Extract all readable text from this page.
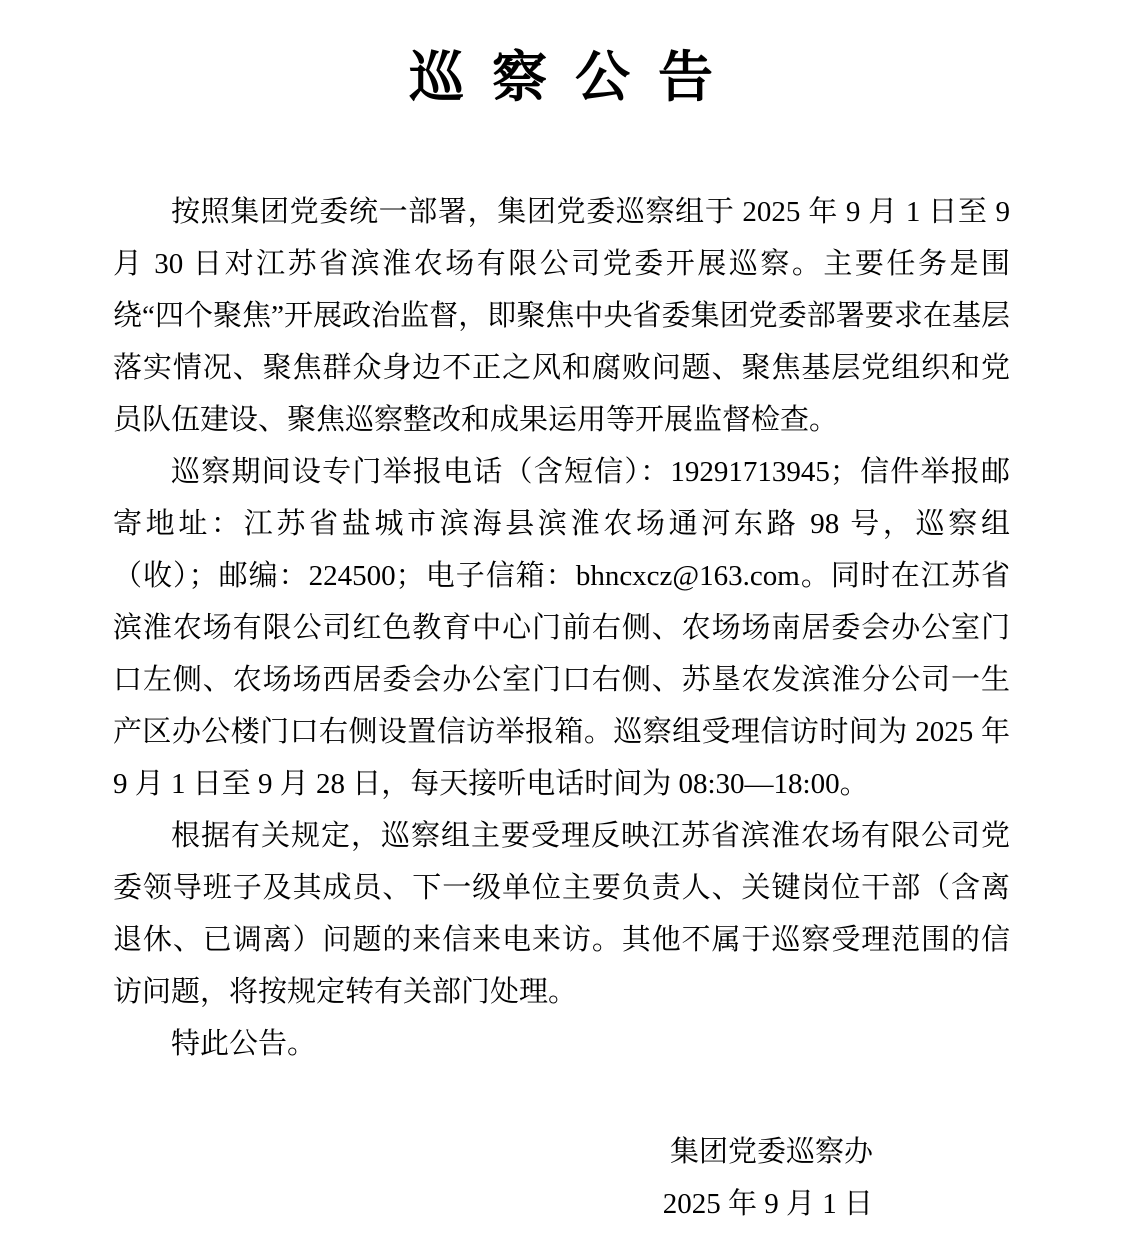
巡察公告

按照集团党委统一部署，集团党委巡察组于 2025 年 9 月 1 日至 9 月 30 日对江苏省滨淮农场有限公司党委开展巡察。主要任务是围绕“四个聚焦”开展政治监督，即聚焦中央省委集团党委部署要求在基层落实情况、聚焦群众身边不正之风和腐败问题、聚焦基层党组织和党员队伍建设、聚焦巡察整改和成果运用等开展监督检查。

巡察期间设专门举报电话（含短信）：19291713945；信件举报邮寄地址：江苏省盐城市滨海县滨淮农场通河东路 98 号，巡察组（收）；邮编：224500；电子信箱：bhncxcz@163.com。同时在江苏省滨淮农场有限公司红色教育中心门前右侧、农场场南居委会办公室门口左侧、农场场西居委会办公室门口右侧、苏垦农发滨淮分公司一生产区办公楼门口右侧设置信访举报箱。巡察组受理信访时间为 2025 年 9 月 1 日至 9 月 28 日，每天接听电话时间为 08:30—18:00。

根据有关规定，巡察组主要受理反映江苏省滨淮农场有限公司党委领导班子及其成员、下一级单位主要负责人、关键岗位干部（含离退休、已调离）问题的来信来电来访。其他不属于巡察受理范围的信访问题，将按规定转有关部门处理。

特此公告。

集团党委巡察办
2025 年 9 月 1 日
